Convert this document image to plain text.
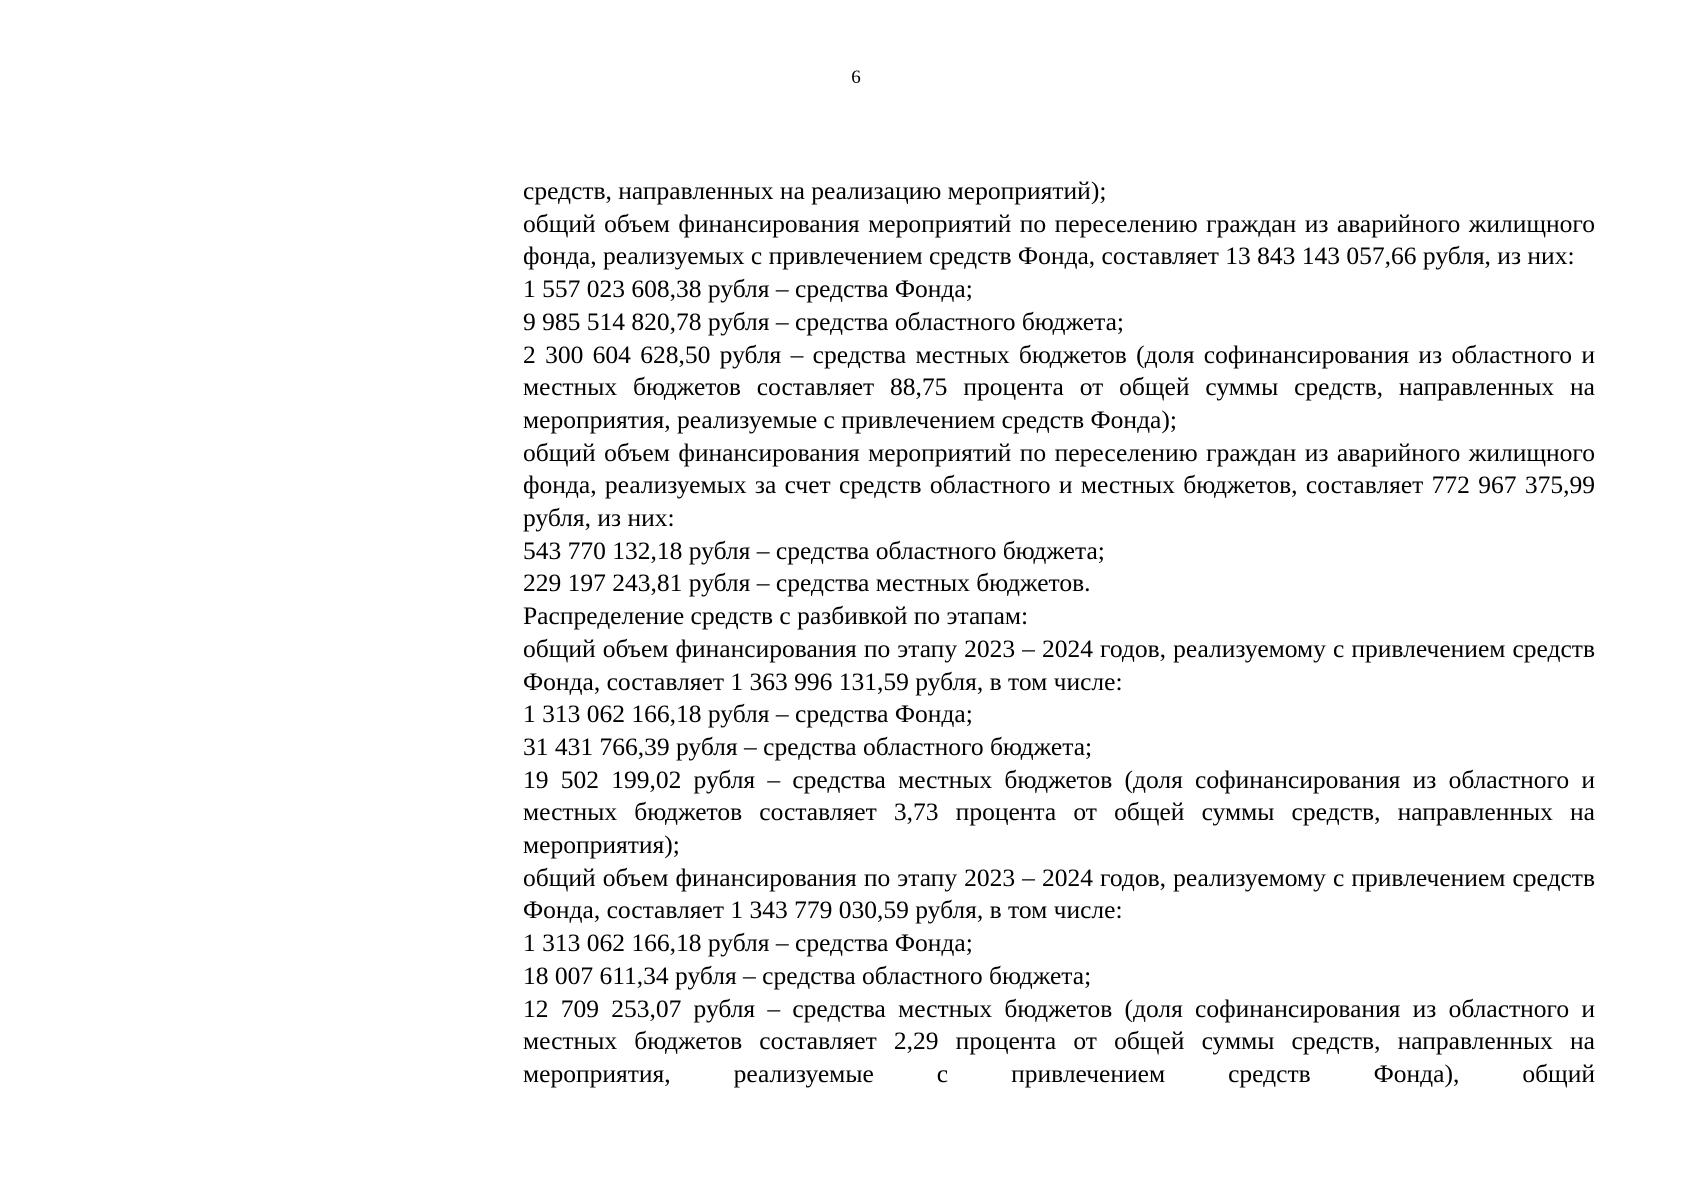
6

средств, направленных на реализацию мероприятий);

общий объем финансирования мероприятий по переселению граждан из аварийного жилищного фонда, реализуемых с привлечением средств Фонда, составляет 13 843 143 057,66 рубля, из них:

1 557 023 608,38 рубля – средства Фонда;

9 985 514 820,78 рубля – средства областного бюджета;

2 300 604 628,50 рубля – средства местных бюджетов (доля софинансирования из областного и местных бюджетов составляет 88,75 процента от общей суммы средств, направленных на мероприятия, реализуемые с привлечением средств Фонда);

общий объем финансирования мероприятий по переселению граждан из аварийного жилищного фонда, реализуемых за счет средств областного и местных бюджетов, составляет 772 967 375,99 рубля, из них:

543 770 132,18 рубля – средства областного бюджета;

229 197 243,81 рубля – средства местных бюджетов.

Распределение средств с разбивкой по этапам:

общий объем финансирования по этапу 2023 – 2024 годов, реализуемому с привлечением средств Фонда, составляет 1 363 996 131,59 рубля, в том числе:

1 313 062 166,18 рубля – средства Фонда;

31 431 766,39 рубля – средства областного бюджета;

19 502 199,02 рубля – средства местных бюджетов (доля софинансирования из областного и местных бюджетов составляет 3,73 процента от общей суммы средств, направленных на мероприятия);

общий объем финансирования по этапу 2023 – 2024 годов, реализуемому с привлечением средств Фонда, составляет 1 343 779 030,59 рубля, в том числе:

1 313 062 166,18 рубля – средства Фонда;

18 007 611,34 рубля – средства областного бюджета;

12 709 253,07 рубля – средства местных бюджетов (доля софинансирования из областного и местных бюджетов составляет 2,29 процента от общей суммы средств, направленных на мероприятия, реализуемые с привлечением средств Фонда), общий
